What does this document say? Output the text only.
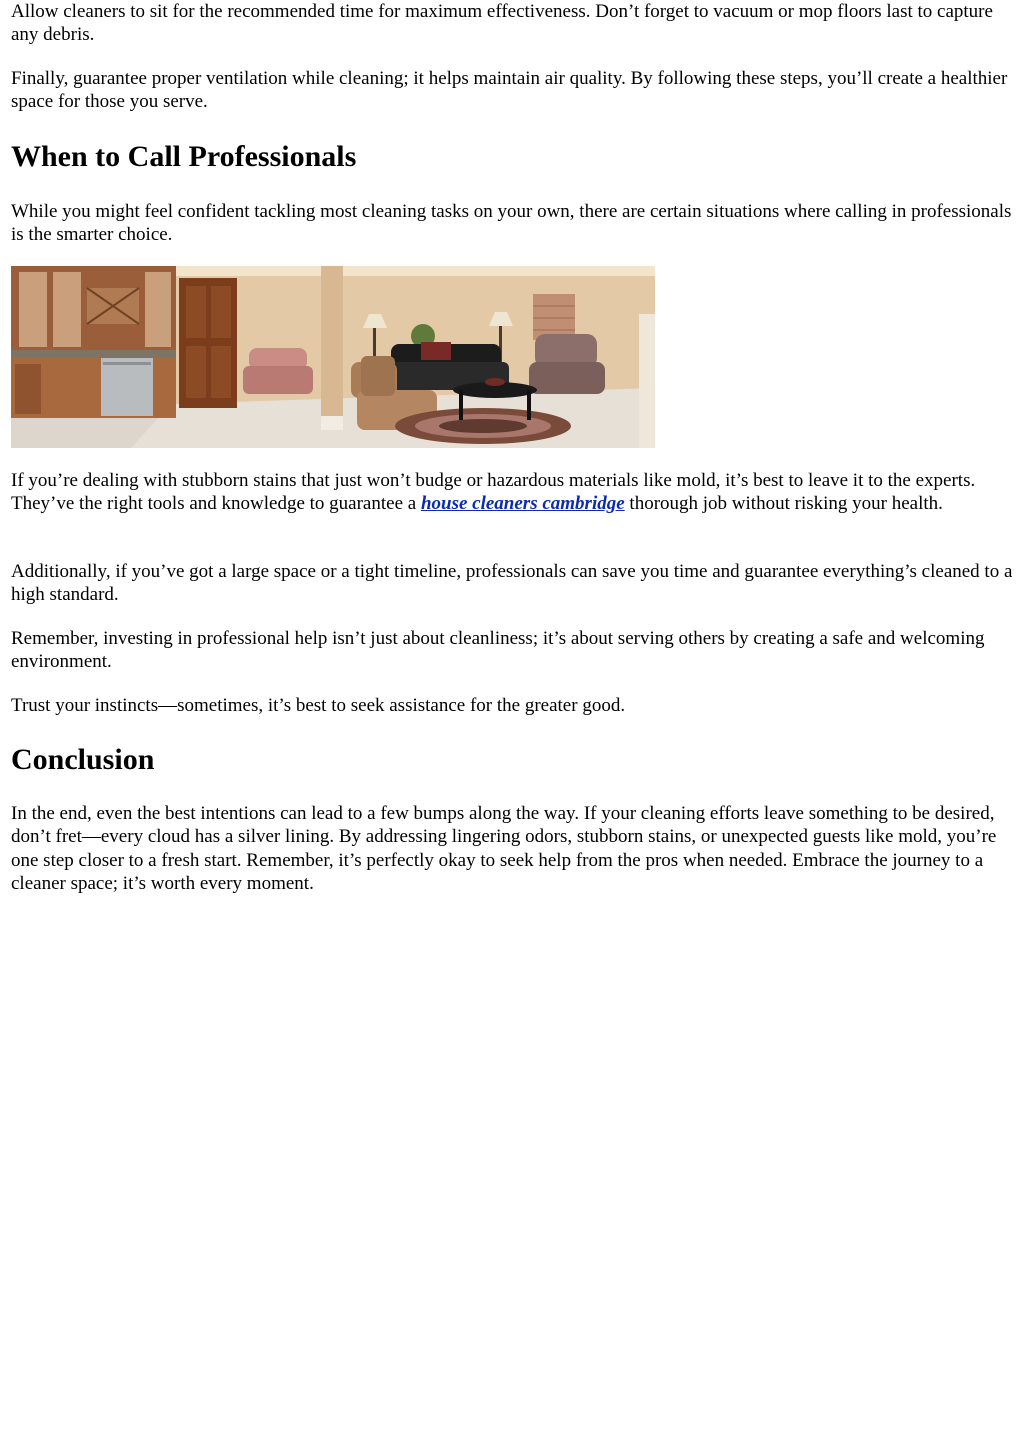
Allow cleaners to sit for the recommended time for maximum effectiveness. Don’t forget to vacuum or mop floors last to capture any debris.

Finally, guarantee proper ventilation while cleaning; it helps maintain air quality. By following these steps, you’ll create a healthier space for those you serve.

When to Call Professionals

While you might feel confident tackling most cleaning tasks on your own, there are certain situations where calling in professionals is the smarter choice.

If you’re dealing with stubborn stains that just won’t budge or hazardous materials like mold, it’s best to leave it to the experts. They’ve the right tools and knowledge to guarantee a house cleaners cambridge thorough job without risking your health.

Additionally, if you’ve got a large space or a tight timeline, professionals can save you time and guarantee everything’s cleaned to a high standard.

Remember, investing in professional help isn’t just about cleanliness; it’s about serving others by creating a safe and welcoming environment.

Trust your instincts—sometimes, it’s best to seek assistance for the greater good.

Conclusion

In the end, even the best intentions can lead to a few bumps along the way. If your cleaning efforts leave something to be desired, don’t fret—every cloud has a silver lining. By addressing lingering odors, stubborn stains, or unexpected guests like mold, you’re one step closer to a fresh start. Remember, it’s perfectly okay to seek help from the pros when needed. Embrace the journey to a cleaner space; it’s worth every moment.
